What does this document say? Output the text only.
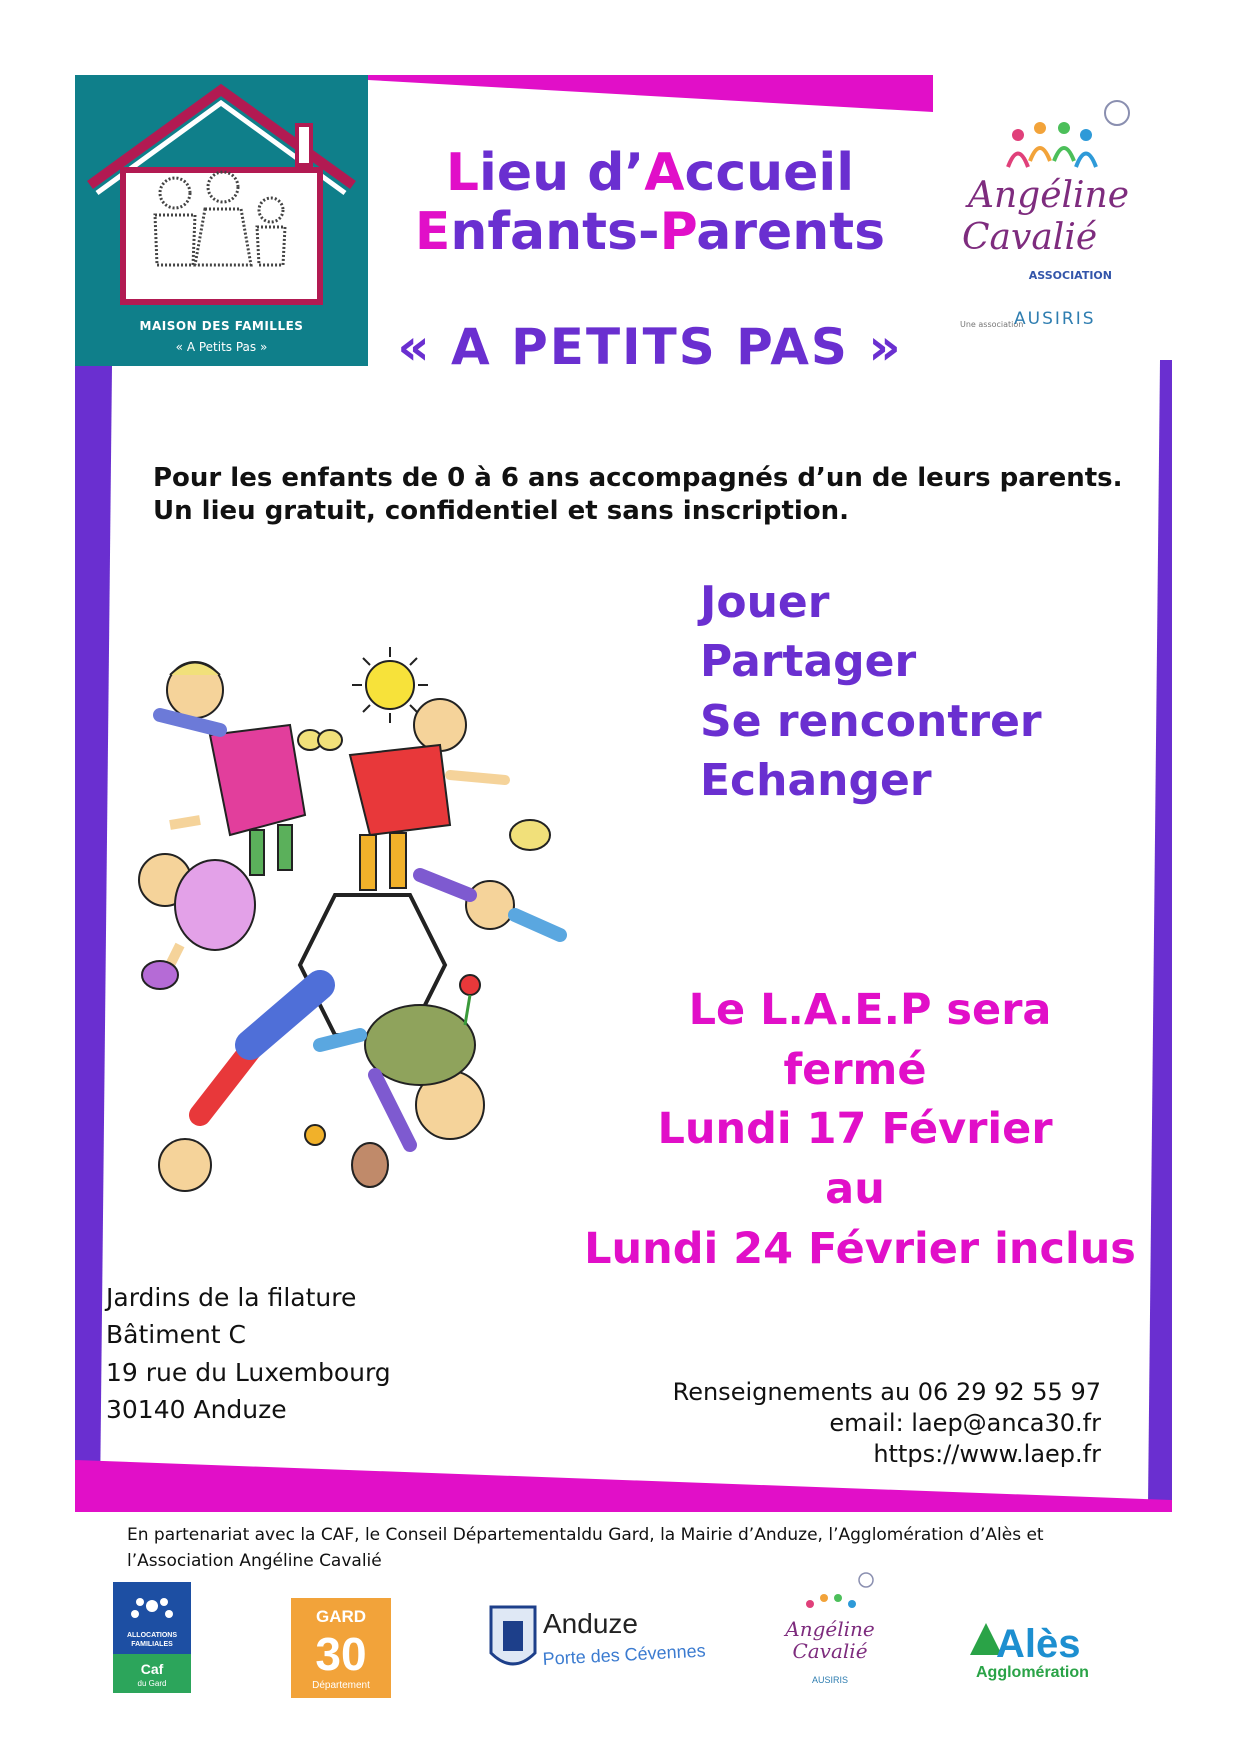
MAISON DES FAMILLES
« A Petits Pas »
Lieu d’Accueil
Enfants-Parents
« A PETITS PAS »
Angéline
Cavalié
ASSOCIATION
Une association
AUSIRIS
Pour les enfants de 0 à 6 ans accompagnés d’un de leurs parents.
Un lieu gratuit, confidentiel et sans inscription.
Jouer
Partager
Se rencontrer
Echanger
Le L.A.E.P sera
fermé
Lundi 17 Février
au
Lundi 24 Février inclus
Jardins de la filature
Bâtiment C
19 rue du Luxembourg
30140 Anduze
Renseignements au 06 29 92 55 97
email: laep@anca30.fr
https://www.laep.fr
En partenariat avec la CAF, le Conseil Départementaldu Gard, la Mairie d’Anduze, l’Agglomération d’Alès et
l’Association Angéline Cavalié
ALLOCATIONS
FAMILIALES
Caf
du Gard
GARD
30
Département
Anduze
Porte des Cévennes
Angéline
Cavalié
AUSIRIS
Alès
Agglomération
